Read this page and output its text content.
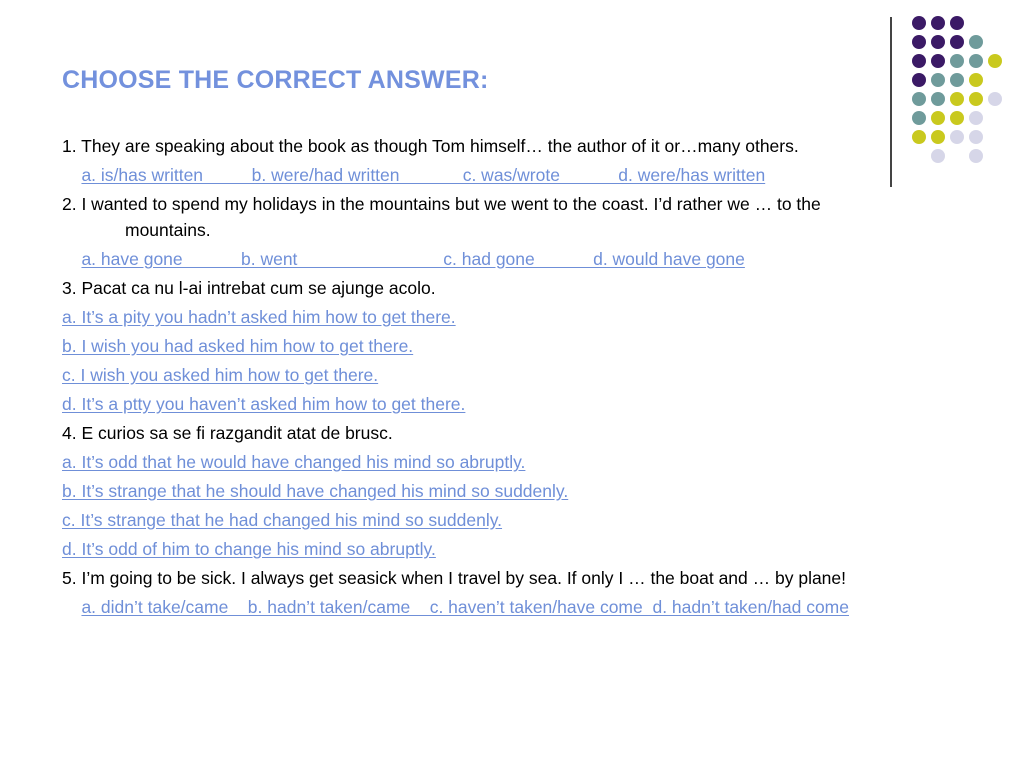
CHOOSE THE CORRECT ANSWER:
1. They are speaking about the book as though Tom himself… the author of it or…many others.

a. is/has written          b. were/had written             c. was/wrote            d. were/has written

2. I wanted to spend my holidays in the mountains but we went to the coast. I’d rather we … to the
mountains.

a. have gone            b. went                              c. had gone            d. would have gone

3. Pacat ca nu l-ai intrebat cum se ajunge acolo.
a. It’s a pity you hadn’t asked him how to get there.
b. I wish you had asked him how to get there.
c. I wish you asked him how to get there.
d. It’s a ptty you haven’t asked him how to get there.
4. E curios sa se fi razgandit atat de brusc.
a. It’s odd that he would have changed his mind so abruptly.
b. It’s strange that he should have changed his mind so suddenly.
c. It’s strange that he had changed his mind so suddenly.
d. It’s odd of him to change his mind so abruptly.
5. I’m going to be sick. I always get seasick when I travel by sea. If only I … the boat and … by plane!

a. didn’t take/came    b. hadn’t taken/came    c. haven’t taken/have come  d. hadn’t taken/had come
